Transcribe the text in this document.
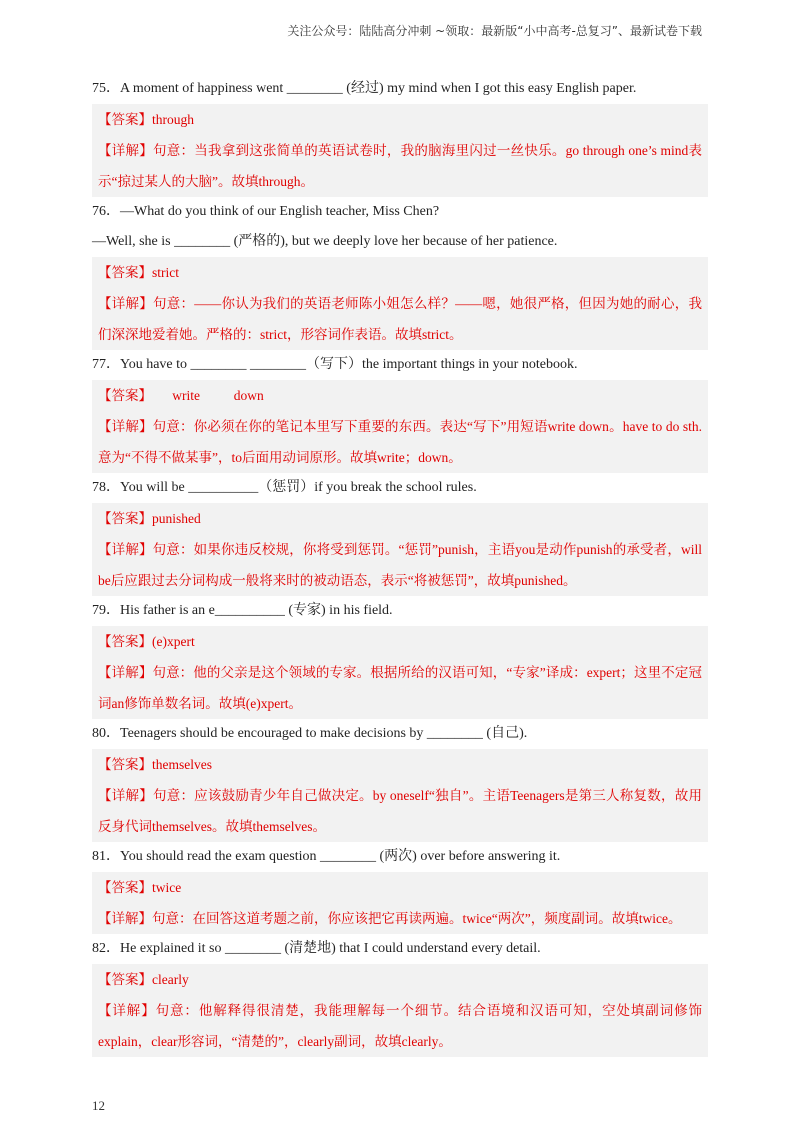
关注公众号：陆陆高分冲刺 ~领取：最新版“小中高考-总复习”、最新试卷下载
75．A moment of happiness went ________ (经过) my mind when I got this easy English paper.
【答案】through
【详解】句意：当我拿到这张简单的英语试卷时，我的脑海里闪过一丝快乐。go through one’s mind表示“掠过某人的大脑”。故填through。
76．—What do you think of our English teacher, Miss Chen?
—Well, she is ________ (严格的), but we deeply love her because of her patience.
【答案】strict
【详解】句意：——你认为我们的英语老师陈小姐怎么样？——嗯，她很严格，但因为她的耐心，我们深深地爱着她。严格的：strict，形容词作表语。故填strict。
77．You have to ________ ________（写下）the important things in your notebook.
【答案】      write          down
【详解】句意：你必须在你的笔记本里写下重要的东西。表达“写下”用短语write down。have to do sth.意为“不得不做某事”，to后面用动词原形。故填write；down。
78．You will be __________（惩罚）if you break the school rules.
【答案】punished
【详解】句意：如果你违反校规，你将受到惩罚。“惩罚”punish，主语you是动作punish的承受者，will be后应跟过去分词构成一般将来时的被动语态，表示“将被惩罚”，故填punished。
79．His father is an e__________ (专家) in his field.
【答案】(e)xpert
【详解】句意：他的父亲是这个领域的专家。根据所给的汉语可知，“专家”译成：expert；这里不定冠词an修饰单数名词。故填(e)xpert。
80．Teenagers should be encouraged to make decisions by ________ (自己).
【答案】themselves
【详解】句意：应该鼓励青少年自己做决定。by oneself“独自”。主语Teenagers是第三人称复数，故用反身代词themselves。故填themselves。
81．You should read the exam question ________ (两次) over before answering it.
【答案】twice
【详解】句意：在回答这道考题之前，你应该把它再读两遍。twice“两次”，频度副词。故填twice。
82．He explained it so ________ (清楚地) that I could understand every detail.
【答案】clearly
【详解】句意：他解释得很清楚，我能理解每一个细节。结合语境和汉语可知，空处填副词修饰explain，clear形容词，“清楚的”，clearly副词，故填clearly。
12
